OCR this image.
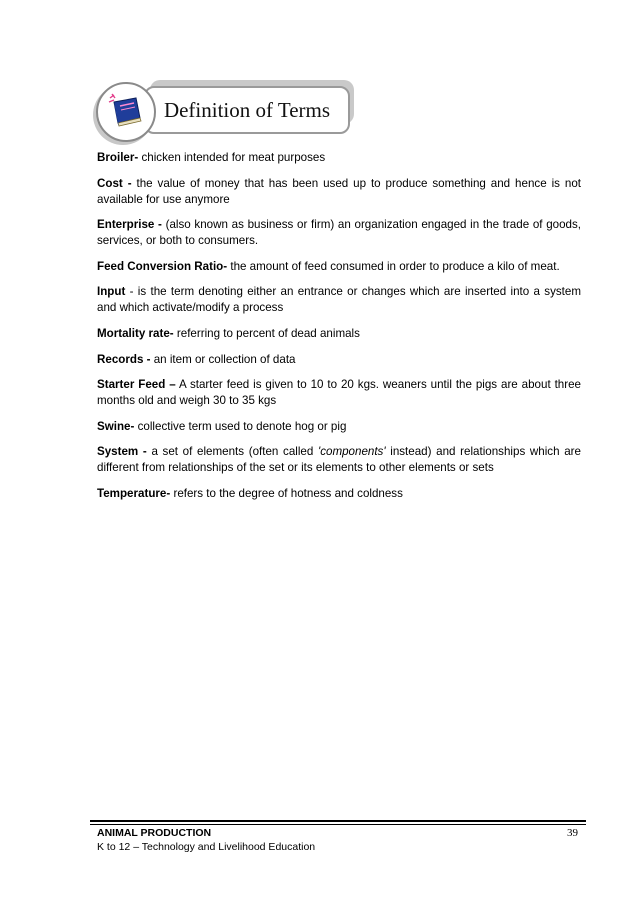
Definition of Terms

Broiler- chicken intended for meat purposes

Cost - the value of money that has been used up to produce something and hence is not available for use anymore

Enterprise - (also known as business or firm) an organization engaged in the trade of goods, services, or both to consumers.

Feed Conversion Ratio- the amount of feed consumed in order to produce a kilo of meat.

Input - is the term denoting either an entrance or changes which are inserted into a system and which activate/modify a process

Mortality rate- referring to percent of dead animals

Records - an item or collection of data

Starter Feed – A starter feed is given to 10 to 20 kgs. weaners until the pigs are about three months old and weigh 30 to 35 kgs

Swine- collective term used to denote hog or pig

System - a set of elements (often called 'components' instead) and relationships which are different from relationships of the set or its elements to other elements or sets

Temperature- refers to the degree of hotness and coldness

ANIMAL PRODUCTION
K to 12 – Technology and Livelihood Education
39
